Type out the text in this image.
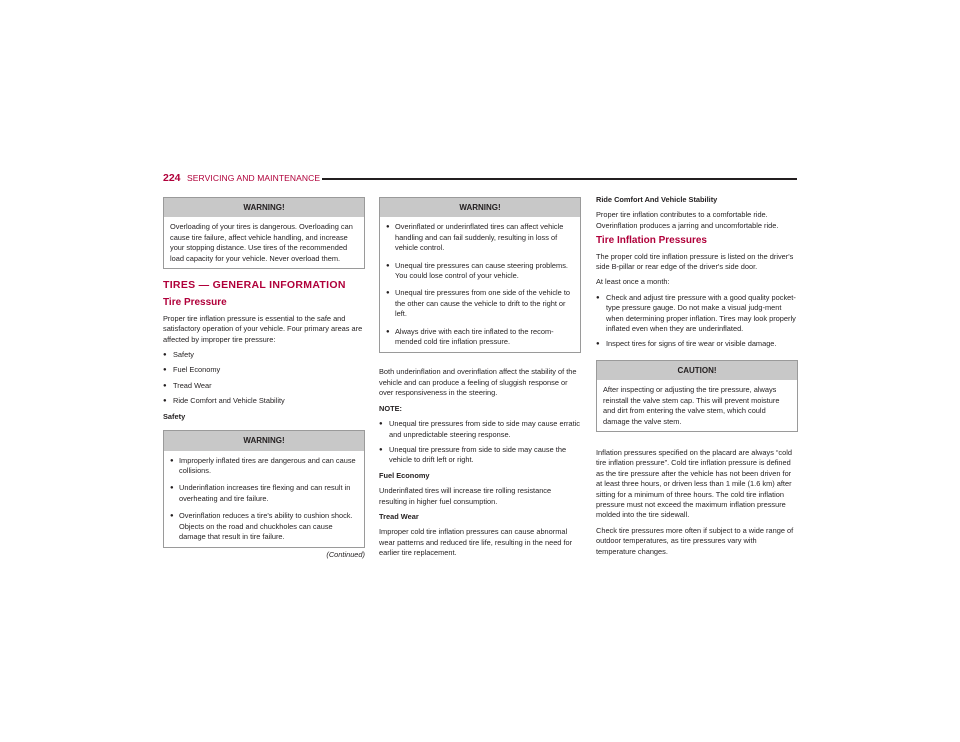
224 SERVICING AND MAINTENANCE
WARNING!
Overloading of your tires is dangerous. Overloading can cause tire failure, affect vehicle handling, and increase your stopping distance. Use tires of the recommended load capacity for your vehicle. Never overload them.
TIRES — GENERAL INFORMATION
Tire Pressure

Proper tire inflation pressure is essential to the safe and satisfactory operation of your vehicle. Four primary areas are affected by improper tire pressure:

● Safety
● Fuel Economy
● Tread Wear
● Ride Comfort and Vehicle Stability

Safety

WARNING!
● Improperly inflated tires are dangerous and can cause collisions.
● Underinflation increases tire flexing and can result in overheating and tire failure.
● Overinflation reduces a tire's ability to cushion shock. Objects on the road and chuckholes can cause damage that result in tire failure.
(Continued)
WARNING!
● Overinflated or underinflated tires can affect vehicle handling and can fail suddenly, resulting in loss of vehicle control.
● Unequal tire pressures can cause steering problems. You could lose control of your vehicle.
● Unequal tire pressures from one side of the vehicle to the other can cause the vehicle to drift to the right or left.
● Always drive with each tire inflated to the recom-mended cold tire inflation pressure.

Both underinflation and overinflation affect the stability of the vehicle and can produce a feeling of sluggish response or over responsiveness in the steering.

NOTE:

● Unequal tire pressures from side to side may cause erratic and unpredictable steering response.
● Unequal tire pressure from side to side may cause the vehicle to drift left or right.

Fuel Economy

Underinflated tires will increase tire rolling resistance resulting in higher fuel consumption.

Tread Wear

Improper cold tire inflation pressures can cause abnormal wear patterns and reduced tire life, resulting in the need for earlier tire replacement.

Ride Comfort And Vehicle Stability

Proper tire inflation contributes to a comfortable ride. Overinflation produces a jarring and uncomfortable ride.

Tire Inflation Pressures

The proper cold tire inflation pressure is listed on the driver's side B-pillar or rear edge of the driver's side door.

At least once a month:

● Check and adjust tire pressure with a good quality pocket-type pressure gauge. Do not make a visual judg-ment when determining proper inflation. Tires may look properly inflated even when they are underinflated.
● Inspect tires for signs of tire wear or visible damage.
CAUTION!
After inspecting or adjusting the tire pressure, always reinstall the valve stem cap. This will prevent moisture and dirt from entering the valve stem, which could damage the valve stem.

Inflation pressures specified on the placard are always “cold tire inflation pressure”. Cold tire inflation pressure is defined as the tire pressure after the vehicle has not been driven for at least three hours, or driven less than 1 mile (1.6 km) after sitting for a minimum of three hours. The cold tire inflation pressure must not exceed the maximum inflation pressure molded into the tire sidewall.

Check tire pressures more often if subject to a wide range of outdoor temperatures, as tire pressures vary with temperature changes.
